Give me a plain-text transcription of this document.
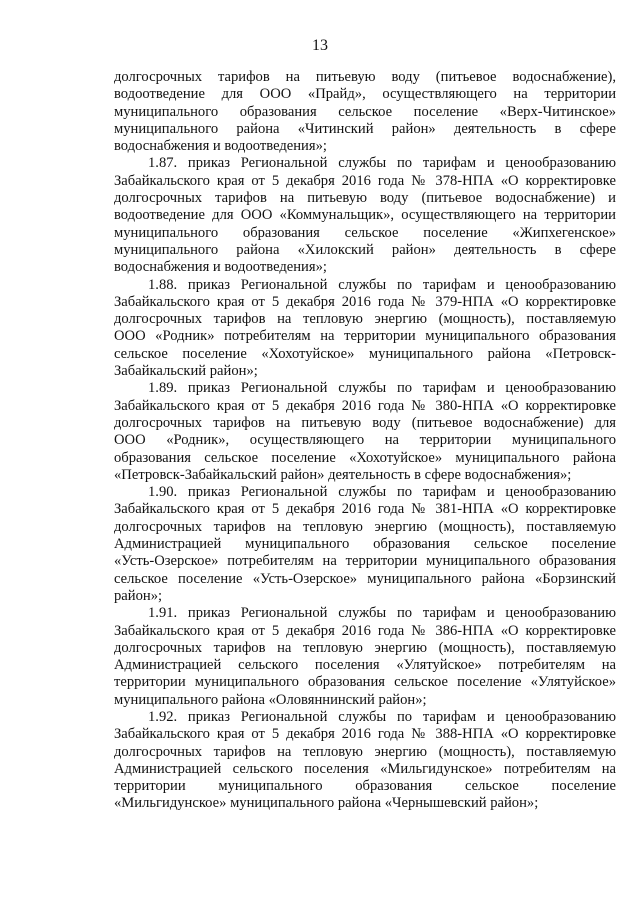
13
долгосрочных тарифов на питьевую воду (питьевое водоснабжение),
водоотведение для ООО «Прайд», осуществляющего на территории
муниципального образования сельское поселение «Верх-Читинское»
муниципального района «Читинский район» деятельность в сфере
водоснабжения и водоотведения»;
1.87. приказ Региональной службы по тарифам и ценообразованию
Забайкальского края от 5 декабря 2016 года № 378-НПА «О корректировке
долгосрочных тарифов на питьевую воду (питьевое водоснабжение) и
водоотведение для ООО «Коммунальщик», осуществляющего на территории
муниципального образования сельское поселение «Жипхегенское»
муниципального района «Хилокский район» деятельность в сфере
водоснабжения и водоотведения»;
1.88. приказ Региональной службы по тарифам и ценообразованию
Забайкальского края от 5 декабря 2016 года № 379-НПА «О корректировке
долгосрочных тарифов на тепловую энергию (мощность), поставляемую
ООО «Родник» потребителям на территории муниципального образования
сельское поселение «Хохотуйское» муниципального района «Петровск-
Забайкальский район»;
1.89. приказ Региональной службы по тарифам и ценообразованию
Забайкальского края от 5 декабря 2016 года № 380-НПА «О корректировке
долгосрочных тарифов на питьевую воду (питьевое водоснабжение) для
ООО «Родник», осуществляющего на территории муниципального
образования сельское поселение «Хохотуйское» муниципального района
«Петровск-Забайкальский район» деятельность в сфере водоснабжения»;
1.90. приказ Региональной службы по тарифам и ценообразованию
Забайкальского края от 5 декабря 2016 года № 381-НПА «О корректировке
долгосрочных тарифов на тепловую энергию (мощность), поставляемую
Администрацией муниципального образования сельское поселение
«Усть-Озерское» потребителям на территории муниципального образования
сельское поселение «Усть-Озерское» муниципального района «Борзинский
район»;
1.91. приказ Региональной службы по тарифам и ценообразованию
Забайкальского края от 5 декабря 2016 года № 386-НПА «О корректировке
долгосрочных тарифов на тепловую энергию (мощность), поставляемую
Администрацией сельского поселения «Улятуйское» потребителям на
территории муниципального образования сельское поселение «Улятуйское»
муниципального района «Оловяннинский район»;
1.92. приказ Региональной службы по тарифам и ценообразованию
Забайкальского края от 5 декабря 2016 года № 388-НПА «О корректировке
долгосрочных тарифов на тепловую энергию (мощность), поставляемую
Администрацией сельского поселения «Мильгидунское» потребителям на
территории муниципального образования сельское поселение
«Мильгидунское» муниципального района «Чернышевский район»;
